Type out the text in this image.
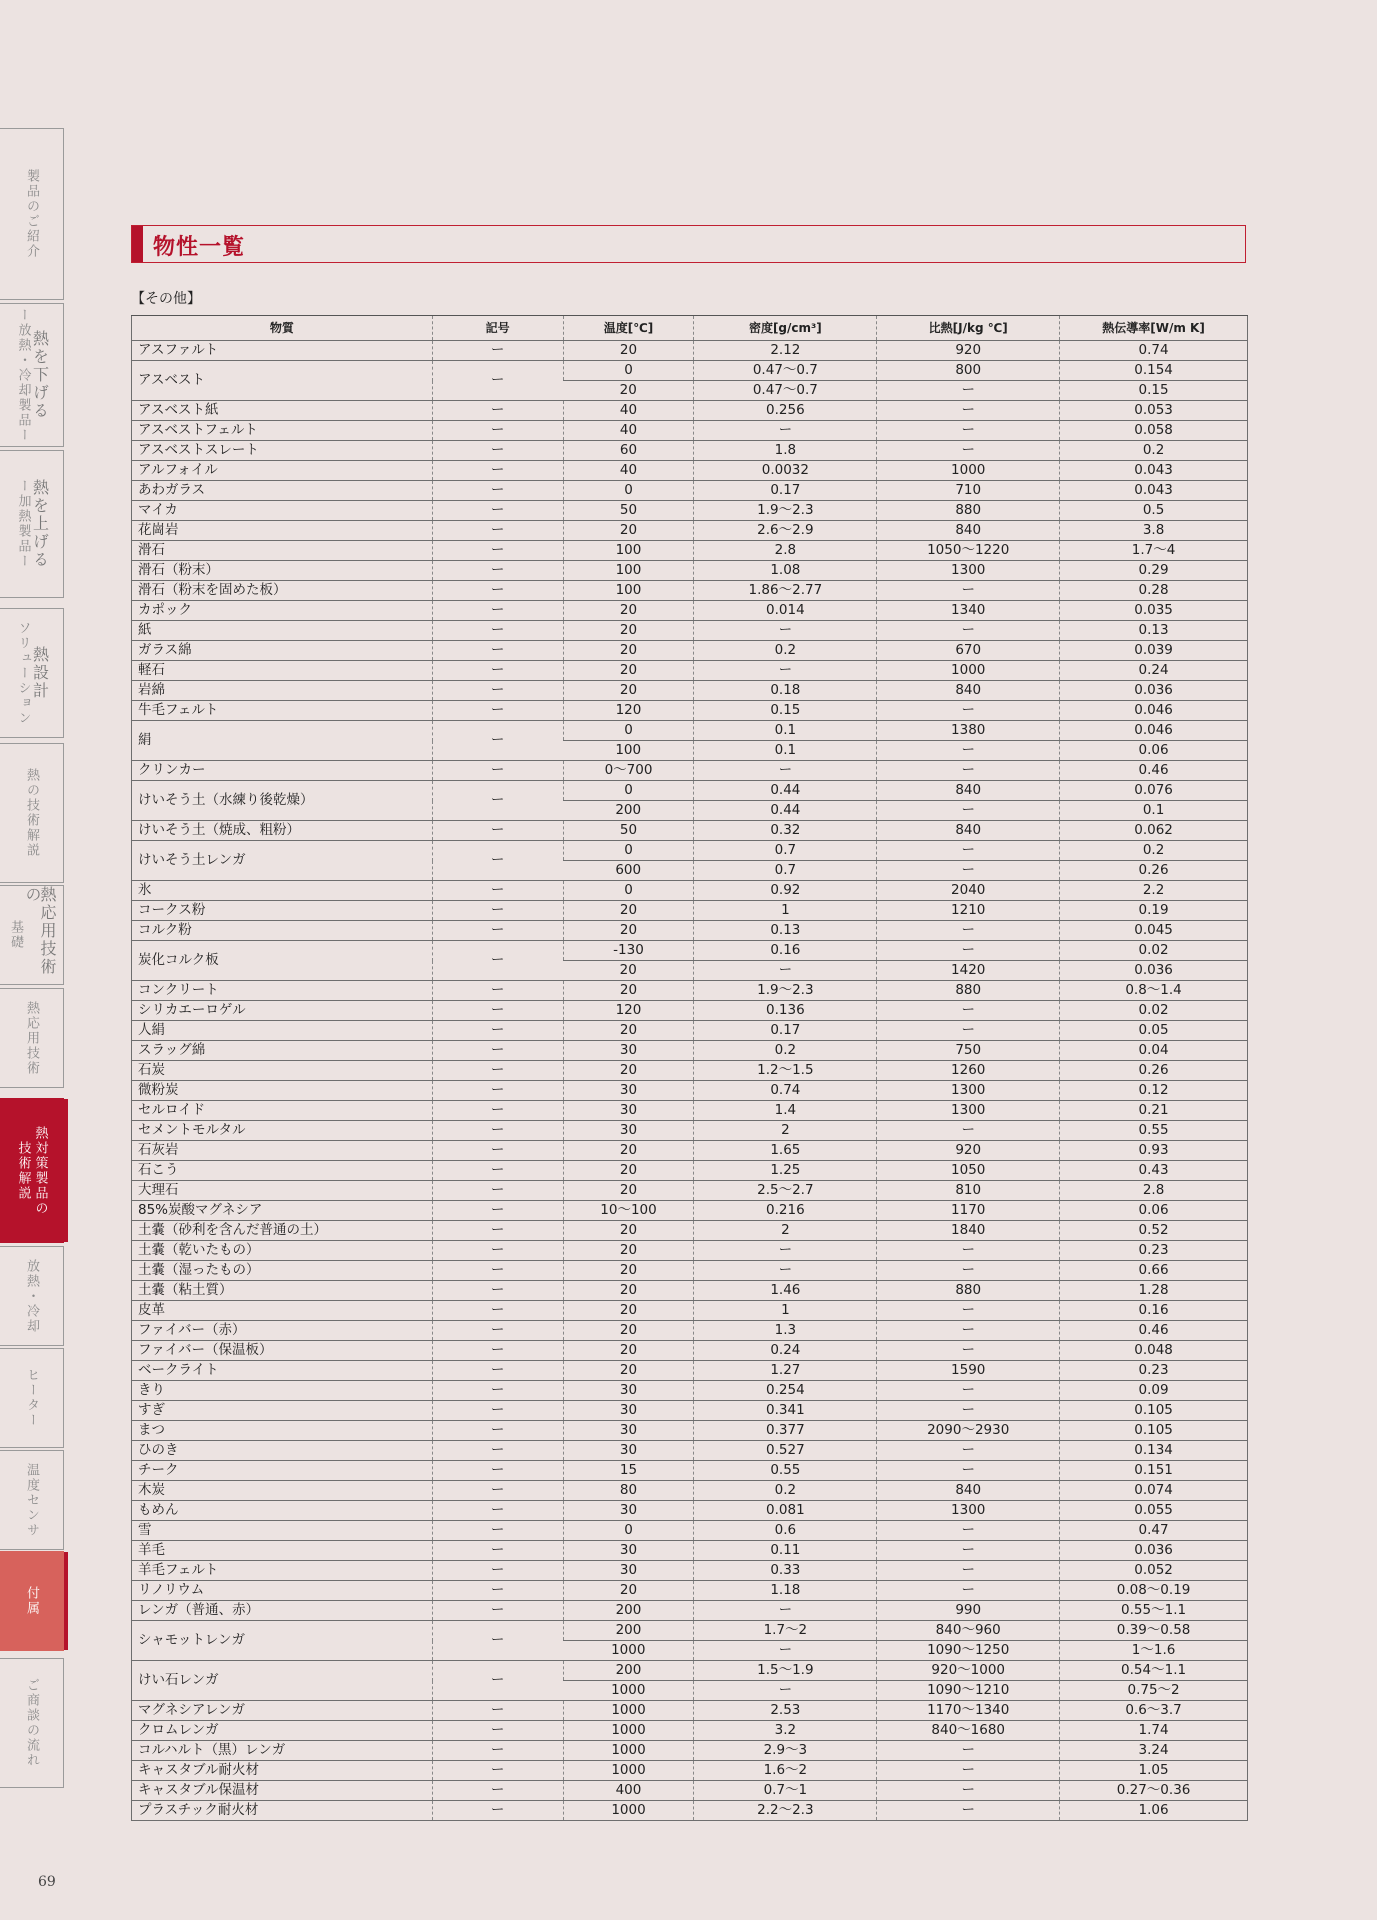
製品のご紹介
熱を下げる
ー放熱・冷却製品ー
熱を上げる
ー加熱製品ー
熱設計
ソリューション
熱の技術解説
熱応用技術の
基礎
熱応用技術
熱対策製品の
技術解説
放熱・冷却
ヒーター
温度センサ
付属
ご商談の流れ
物性一覧
【その他】
物質	記号	温度[℃]	密度[g/cm³]	比熱[J/kg ℃]	熱伝導率[W/m K]
アスファルト	ー	20	2.12	920	0.74
アスベスト	ー	0	0.47〜0.7	800	0.154
		20	0.47〜0.7	ー	0.15
アスベスト紙	ー	40	0.256	ー	0.053
アスベストフェルト	ー	40	ー	ー	0.058
アスベストスレート	ー	60	1.8	ー	0.2
アルフォイル	ー	40	0.0032	1000	0.043
あわガラス	ー	0	0.17	710	0.043
マイカ	ー	50	1.9〜2.3	880	0.5
花崗岩	ー	20	2.6〜2.9	840	3.8
滑石	ー	100	2.8	1050〜1220	1.7〜4
滑石（粉末）	ー	100	1.08	1300	0.29
滑石（粉末を固めた板）	ー	100	1.86〜2.77	ー	0.28
カポック	ー	20	0.014	1340	0.035
紙	ー	20	ー	ー	0.13
ガラス綿	ー	20	0.2	670	0.039
軽石	ー	20	ー	1000	0.24
岩綿	ー	20	0.18	840	0.036
牛毛フェルト	ー	120	0.15	ー	0.046
絹	ー	0	0.1	1380	0.046
		100	0.1	ー	0.06
クリンカー	ー	0〜700	ー	ー	0.46
けいそう土（水練り後乾燥）	ー	0	0.44	840	0.076
		200	0.44	ー	0.1
けいそう土（焼成、粗粉）	ー	50	0.32	840	0.062
けいそう土レンガ	ー	0	0.7	ー	0.2
		600	0.7	ー	0.26
氷	ー	0	0.92	2040	2.2
コークス粉	ー	20	1	1210	0.19
コルク粉	ー	20	0.13	ー	0.045
炭化コルク板	ー	-130	0.16	ー	0.02
		20	ー	1420	0.036
コンクリート	ー	20	1.9〜2.3	880	0.8〜1.4
シリカエーロゲル	ー	120	0.136	ー	0.02
人絹	ー	20	0.17	ー	0.05
スラッグ綿	ー	30	0.2	750	0.04
石炭	ー	20	1.2〜1.5	1260	0.26
微粉炭	ー	30	0.74	1300	0.12
セルロイド	ー	30	1.4	1300	0.21
セメントモルタル	ー	30	2	ー	0.55
石灰岩	ー	20	1.65	920	0.93
石こう	ー	20	1.25	1050	0.43
大理石	ー	20	2.5〜2.7	810	2.8
85%炭酸マグネシア	ー	10〜100	0.216	1170	0.06
土嚢（砂利を含んだ普通の土）	ー	20	2	1840	0.52
土嚢（乾いたもの）	ー	20	ー	ー	0.23
土嚢（湿ったもの）	ー	20	ー	ー	0.66
土嚢（粘土質）	ー	20	1.46	880	1.28
皮革	ー	20	1	ー	0.16
ファイバー（赤）	ー	20	1.3	ー	0.46
ファイバー（保温板）	ー	20	0.24	ー	0.048
ベークライト	ー	20	1.27	1590	0.23
きり	ー	30	0.254	ー	0.09
すぎ	ー	30	0.341	ー	0.105
まつ	ー	30	0.377	2090〜2930	0.105
ひのき	ー	30	0.527	ー	0.134
チーク	ー	15	0.55	ー	0.151
木炭	ー	80	0.2	840	0.074
もめん	ー	30	0.081	1300	0.055
雪	ー	0	0.6	ー	0.47
羊毛	ー	30	0.11	ー	0.036
羊毛フェルト	ー	30	0.33	ー	0.052
リノリウム	ー	20	1.18	ー	0.08〜0.19
レンガ（普通、赤）	ー	200	ー	990	0.55〜1.1
シャモットレンガ	ー	200	1.7〜2	840〜960	0.39〜0.58
		1000	ー	1090〜1250	1〜1.6
けい石レンガ	ー	200	1.5〜1.9	920〜1000	0.54〜1.1
		1000	ー	1090〜1210	0.75〜2
マグネシアレンガ	ー	1000	2.53	1170〜1340	0.6〜3.7
クロムレンガ	ー	1000	3.2	840〜1680	1.74
コルハルト（黒）レンガ	ー	1000	2.9〜3	ー	3.24
キャスタブル耐火材	ー	1000	1.6〜2	ー	1.05
キャスタブル保温材	ー	400	0.7〜1	ー	0.27〜0.36
プラスチック耐火材	ー	1000	2.2〜2.3	ー	1.06
69
